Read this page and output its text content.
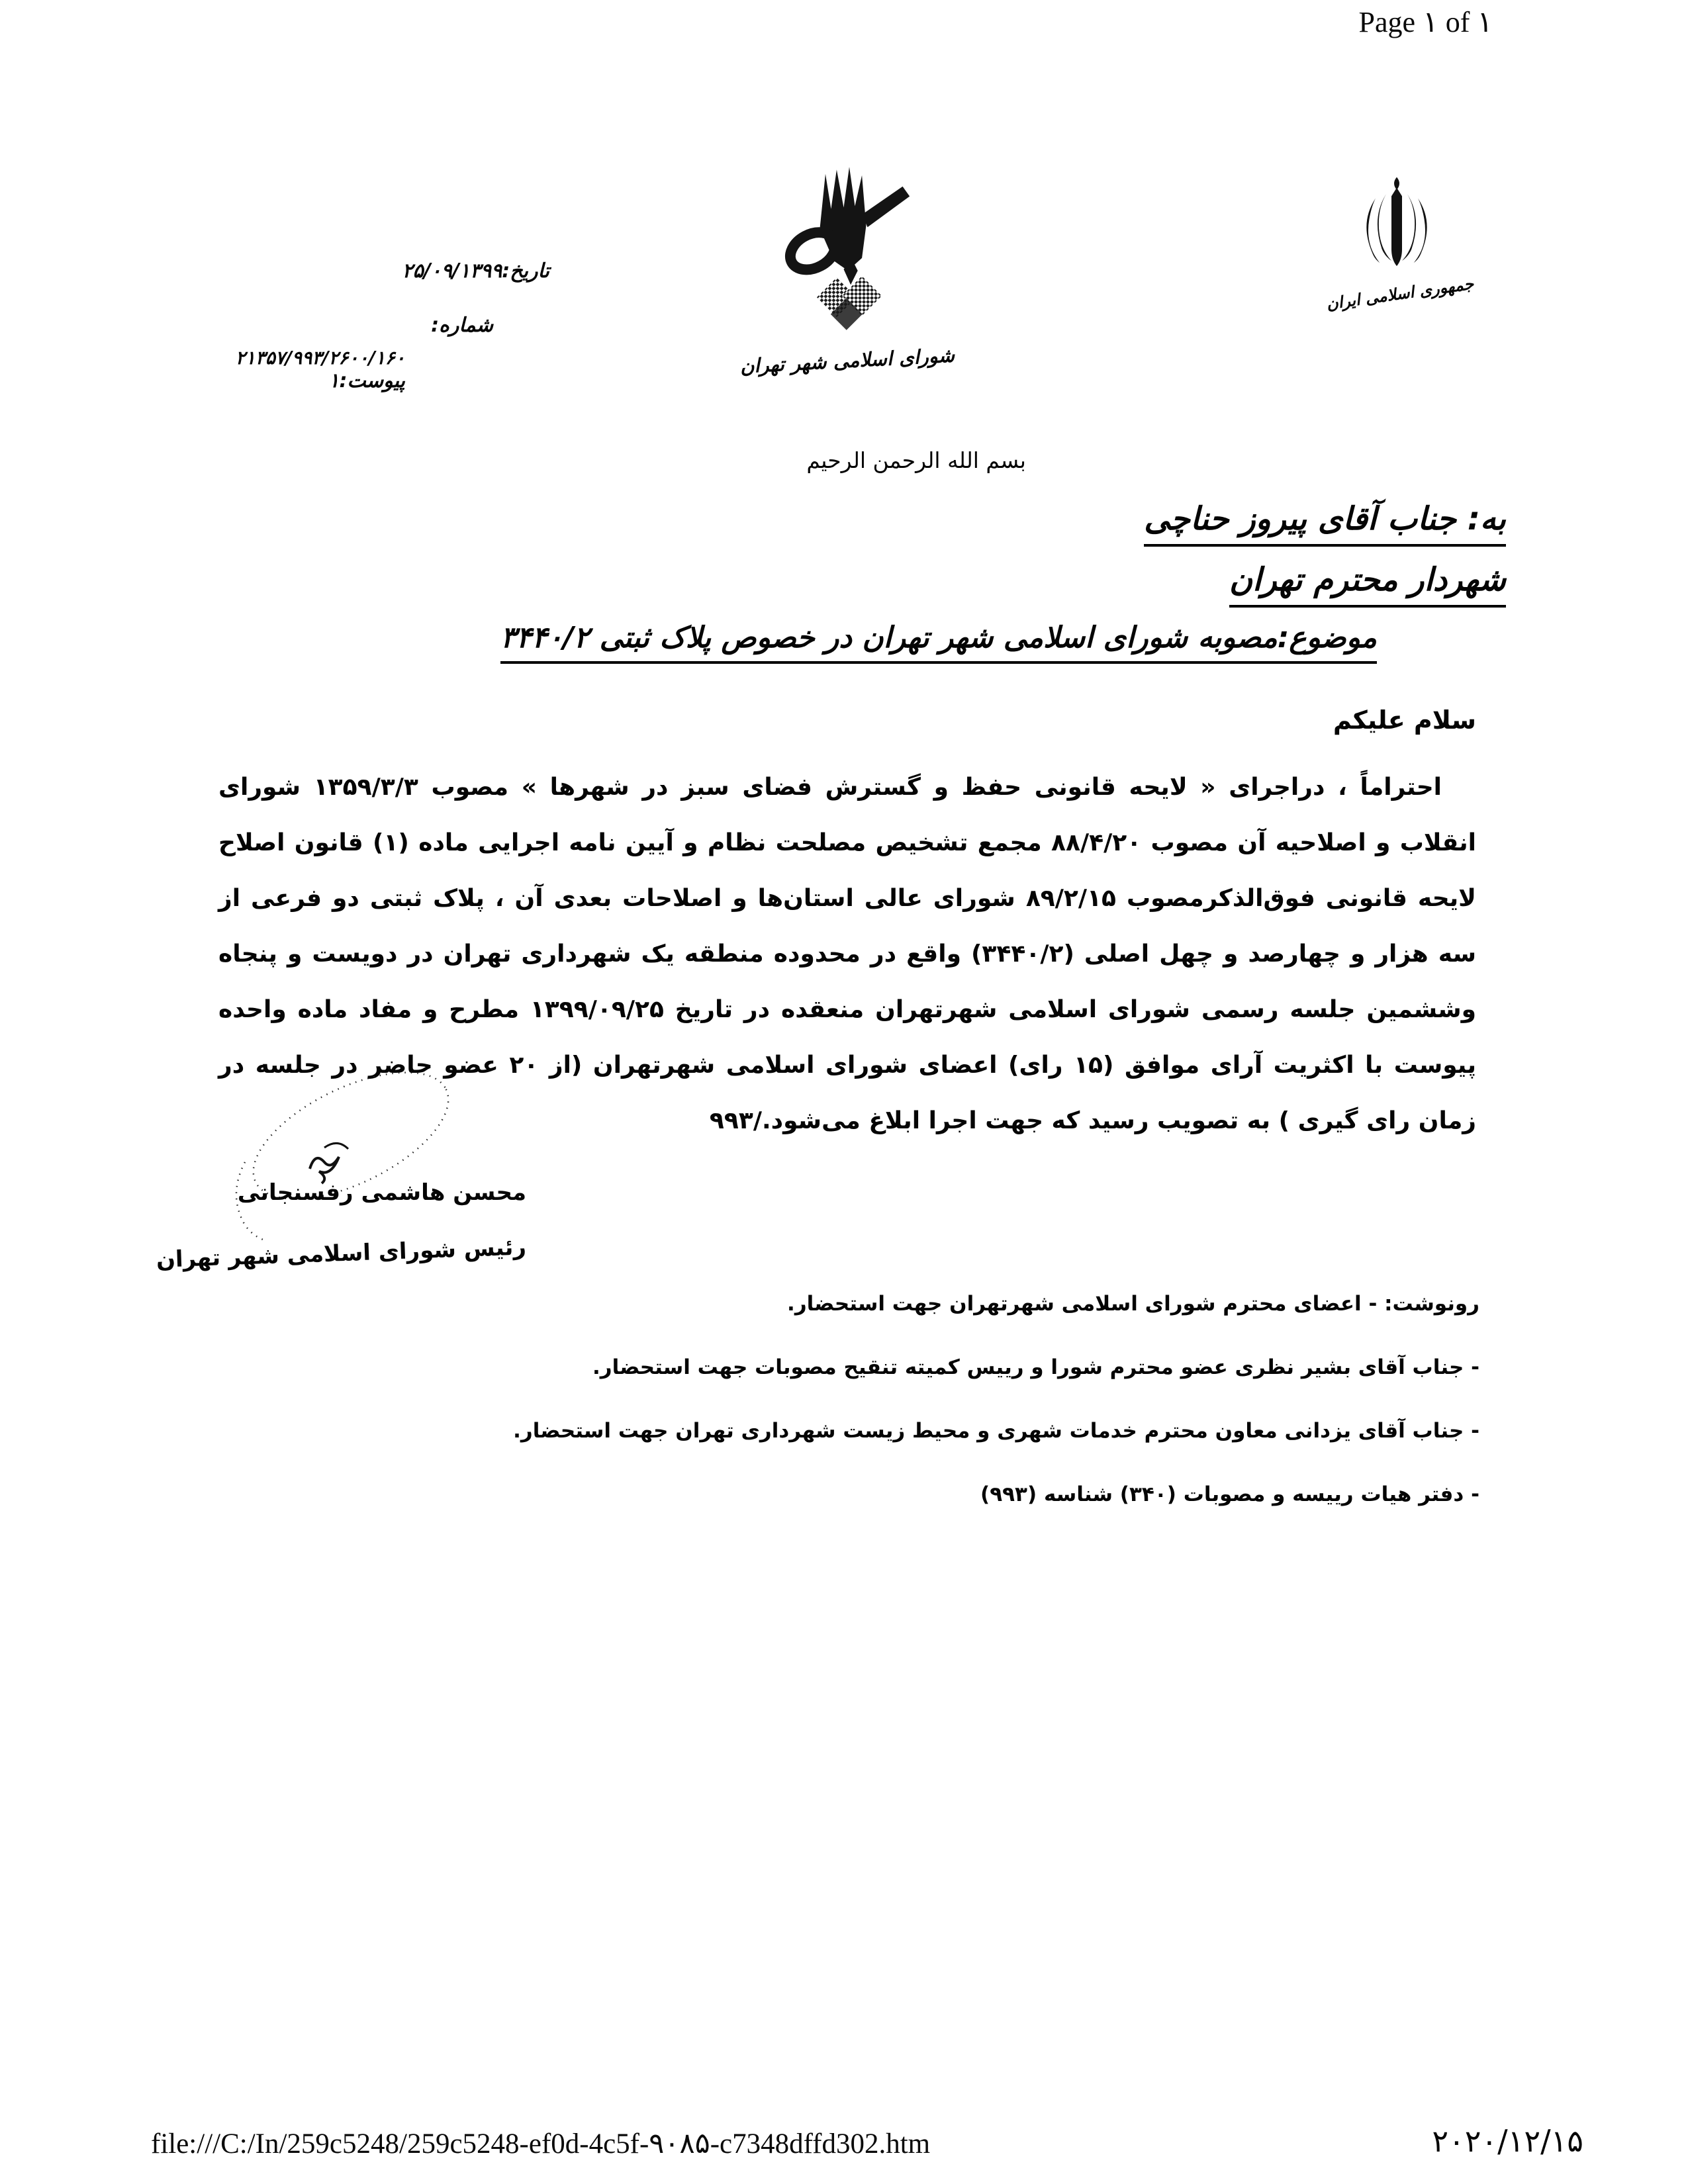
Page ۱ of ۱
تاریخ:۲۵/۰۹/۱۳۹۹
شماره:
۲۱۳۵۷/۹۹۳/۲۶۰۰/۱۶۰
پیوست:۱
شورای اسلامی شهر تهران
جمهوری اسلامی ایران
بسم الله الرحمن الرحیم
به: جناب آقای پیروز حناچی
شهردار محترم تهران
موضوع:مصوبه شورای اسلامی شهر تهران در خصوص پلاک ثبتی ۳۴۴۰/۲
سلام علیکم
احتراماً ، دراجرای « لایحه قانونی حفظ و گسترش فضای سبز در شهرها » مصوب ۱۳۵۹/۳/۳ شورای انقلاب و اصلاحیه آن مصوب ۸۸/۴/۲۰ مجمع تشخیص مصلحت نظام و آیین نامه اجرایی ماده (۱) قانون اصلاح لایحه قانونی فوق‌الذکرمصوب ۸۹/۲/۱۵ شورای عالی استان‌ها و اصلاحات بعدی آن ، پلاک ثبتی دو فرعی از سه هزار و چهارصد و چهل اصلی (۳۴۴۰/۲) واقع در محدوده منطقه یک شهرداری تهران در دویست و پنجاه وششمین جلسه رسمی شورای اسلامی شهرتهران منعقده در تاریخ ۱۳۹۹/۰۹/۲۵ مطرح و مفاد ماده واحده پیوست با اکثریت آرای موافق (۱۵ رای) اعضای شورای اسلامی شهرتهران (از ۲۰ عضو حاضر در جلسه در زمان رای گیری ) به تصویب رسید که جهت اجرا ابلاغ می‌شود./۹۹۳
محسن هاشمی رفسنجانی
رئیس شورای اسلامی شهر تهران
رونوشت: - اعضای محترم شورای اسلامی شهرتهران جهت استحضار.
- جناب آقای بشیر نظری عضو محترم شورا و رییس کمیته تنقیح مصوبات جهت استحضار.
- جناب آقای یزدانی معاون محترم خدمات شهری و محیط زیست شهرداری تهران جهت استحضار.
- دفتر هیات رییسه و مصوبات (۳۴۰) شناسه (۹۹۳)
file:///C:/In/259c5248/259c5248-ef0d-4c5f-۹۰۸۵-c7348dffd302.htm	۲۰۲۰/۱۲/۱۵
